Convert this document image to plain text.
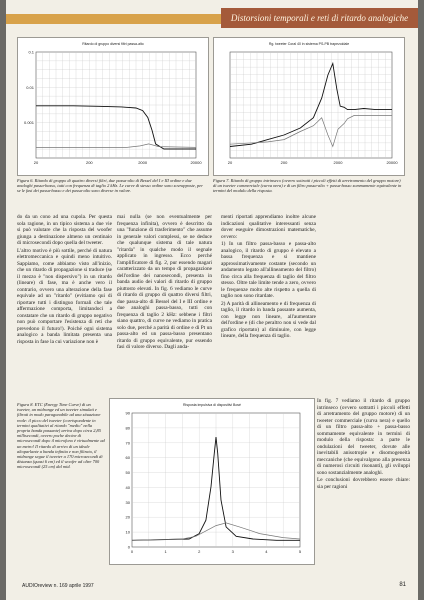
Distorsioni temporali e reti di ritardo analogiche
Ritardo di gruppo diversi filtri passa-alto
20	200	2000	20000
0.1
0.01
0.001

Figura 6. Ritardo di gruppo di quattro diversi filtri, due passa-alto di Bessel del I e III ordine e due analoghi passa-basso, tutti con frequenza di taglio 2 kHz. Le curve di stesso ordine sono sovrapposte, per se le fasi dei passa-basso e dei passa-alto sono diverse in valore.

Rg. tweeter Coral 40 in sistema PS-PB trapezoidale
20	200	2000	20000

Figura 7. Ritardo di gruppo intrinseco (ovvero sottratti i piccoli effetti di arretramento del gruppo motore) di un tweeter commerciale (curva nera) e di un filtro passa-alto + passa-basso sommamente equivalente in termini del modulo della risposta.

do da un cono ad una cupola. Per questa sola ragione, in un tipico sistema a due vie si può valutare che la risposta del woofer giunga a destinazione almeno un centinaio di microsecondi dopo quella del tweeter.

L'altro motivo è più sottile, perché di natura elettromeccanica e quindi meno intuitivo. Sappiamo, come abbiamo visto all'inizio, che un ritardo di propagazione si traduce (se il mezzo è "non dispersivo") in un ritardo (lineare) di fase, ma è anche vero il contrario, ovvero una alterazione della fase equivale ad un "ritardo" (evitiamo qui di riportare tutti i distinguo formali che tale affermazione comporta, limitandoci a constatare che un ritardo di gruppo negativo non può comportare l'esistenza di reti che prevedono il futuro!). Poiché ogni sistema analogico a banda limitata presenta una risposta in fase la cui variazione non è

mai nulla (se non eventualmente per frequenza infinita), ovvero è descritto da una "funzione di trasferimento" che assume in generale valori complessi, se ne deduce che qualunque sistema di tale natura "ritarda" in qualche modo il segnale applicato in ingresso. Ecco perché l'amplificatore di fig. 2, pur essendo magari caratterizzato da un tempo di propagazione dell'ordine dei nanosecondi, presenta in banda audio dei valori di ritardo di gruppo piuttosto elevati. In fig. 6 vediamo le curve di ritardo di gruppo di quattro diversi filtri, due passa-alto di Bessel del I e III ordine e due analoghi passa-basso, tutti con frequenza di taglio 2 kHz: sebbene i filtri siano quattro, di curve ne vediamo in pratica solo due, perché a parità di ordine e di Pt un passa-alto ed un passa-basso presentano ritardo di gruppo equivalente, pur essendo fasi di valore diverso. Dagli anda-

menti riportati apprendiamo inoltre alcune indicazioni qualitative interessanti senza dover eseguire dimostrazioni matematiche, ovvero:

1) In un filtro passa-basso e passa-alto analogico, il ritardo di gruppo è elevato a bassa frequenza e si mantiene approssimativamente costante (secondo un andamento legato all'allineamento del filtro) fino circa alla frequenza di taglio del filtro stesso. Oltre tale limite tende a zero, ovvero le frequenze molto alte rispetto a quella di taglio non sono ritardate.

2) A parità di allineamento e di frequenza di taglio, il ritardo in banda passante aumenta, con legge non lineare, all'aumentare dell'ordine e (di che peraltro non si vede dal grafico riportato) al diminuire, con legge lineare, della frequenza di taglio.

Figura 8. ETC (Energy Time Curve) di un tweeter, un midrange ed un tweeter simulati e filtrati in modo paragonabile ad una situazione reale: il picco del tweeter (corrispondente in termini qualitativi al ritardo "medio" nella propria banda passante) arriva dopo circa 2,85 millisecondi, ovvero poche decine di microsecondi dopo il microfono è virtualmente ad un metro! Il ritardo di arrivo di un ideale altoparlante a banda infinita e non filtrato, il midrange segue il tweeter a 170 microsecondi di distanza (quasi 6 cm) ed il woofer ad oltre 700 microsecondi (25 cm) dal mid.

Risposta impulsiva di dispositivi Bosé
0	1	2	3	4	5
0
10
20
30
40
50
60
70
80
90

In fig. 7 vediamo il ritardo di gruppo intrinseco (ovvero sottratti i piccoli effetti di arretramento del gruppo motore) di un tweeter commerciale (curva nera) e quello di un filtro passa-alto + passa-basso sommamente equivalente in termini di modulo della risposta: a parte le ondulazioni del tweeter, dovute alle inevitabili anisotropie e disomogeneità meccaniche (che equivalgono alla presenza di numerosi circuiti risonanti), gli sviluppi sono sostanzialmente analoghi.

Le conclusioni dovrebbero essere chiare: sia per ragioni

AUDIOreview n. 169 aprile 1997	81
